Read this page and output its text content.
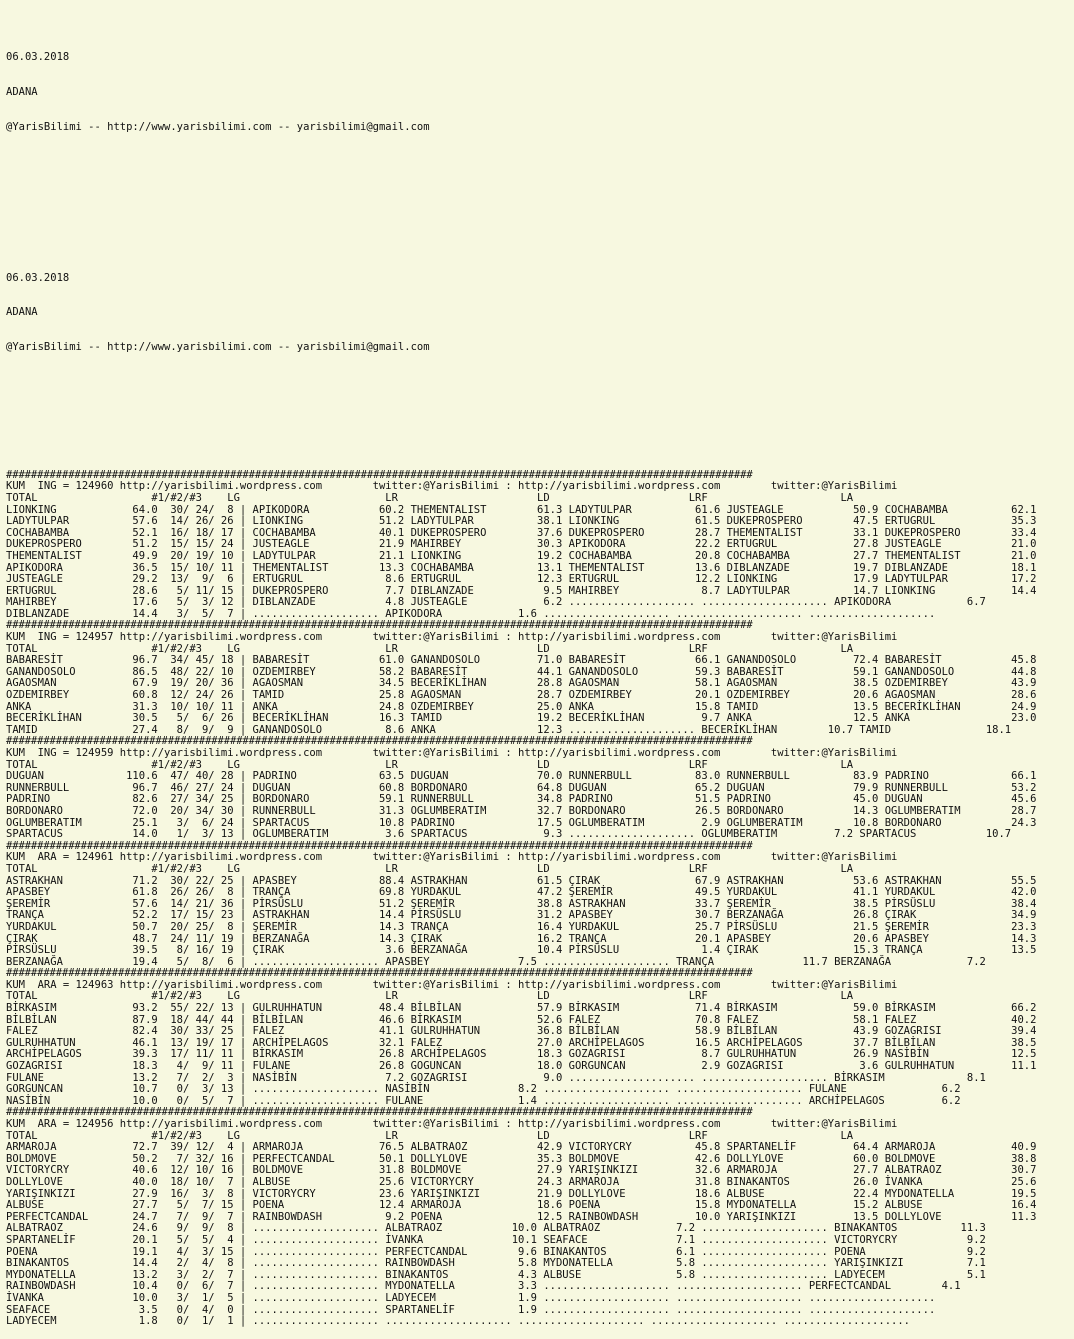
06.03.2018

ADANA

@YarisBilimi -- http://www.yarisbilimi.com -- yarisbilimi@gmail.com

06.03.2018

ADANA

@YarisBilimi -- http://www.yarisbilimi.com -- yarisbilimi@gmail.com

########################################################################################################################
KUM  ING = 124960 http://yarisbilimi.wordpress.com        twitter:@YarisBilimi : http://yarisbilimi.wordpress.com        twitter:@YarisBilimi
TOTAL                  #1/#2/#3    LG                       LR                      LD                      LRF                     LA
LIONKING            64.0  30/ 24/  8 | APIKODORA           60.2 THEMENTALIST        61.3 LADYTULPAR          61.6 JUSTEAGLE           50.9 COCHABAMBA          62.1
LADYTULPAR          57.6  14/ 26/ 26 | LIONKING            51.2 LADYTULPAR          38.1 LIONKING            61.5 DUKEPROSPERO        47.5 ERTUGRUL            35.3
COCHABAMBA          52.1  16/ 18/ 17 | COCHABAMBA          40.1 DUKEPROSPERO        37.6 DUKEPROSPERO        28.7 THEMENTALIST        33.1 DUKEPROSPERO        33.4
DUKEPROSPERO        51.2  15/ 15/ 24 | JUSTEAGLE           21.9 MAHIRBEY            30.3 APIKODORA           22.2 ERTUGRUL            27.8 JUSTEAGLE           21.0
THEMENTALIST        49.9  20/ 19/ 10 | LADYTULPAR          21.1 LIONKING            19.2 COCHABAMBA          20.8 COCHABAMBA          27.7 THEMENTALIST        21.0
APIKODORA           36.5  15/ 10/ 11 | THEMENTALIST        13.3 COCHABAMBA          13.1 THEMENTALIST        13.6 DIBLANZADE          19.7 DIBLANZADE          18.1
JUSTEAGLE           29.2  13/  9/  6 | ERTUGRUL             8.6 ERTUGRUL            12.3 ERTUGRUL            12.2 LIONKING            17.9 LADYTULPAR          17.2
ERTUGRUL            28.6   5/ 11/ 15 | DUKEPROSPERO         7.7 DIBLANZADE           9.5 MAHIRBEY             8.7 LADYTULPAR          14.7 LIONKING            14.4
MAHIRBEY            17.6   5/  3/ 12 | DIBLANZADE           4.8 JUSTEAGLE            6.2 .................... .................... APIKODORA            6.7
DIBLANZADE          14.4   3/  5/  7 | .................... APIKODORA            1.6 .................... .................... ....................
########################################################################################################################
KUM  ING = 124957 http://yarisbilimi.wordpress.com        twitter:@YarisBilimi : http://yarisbilimi.wordpress.com        twitter:@YarisBilimi
TOTAL                  #1/#2/#3    LG                       LR                      LD                      LRF                     LA
BABARESİT           96.7  34/ 45/ 18 | BABARESİT           61.0 GANANDOSOLO         71.0 BABARESİT           66.1 GANANDOSOLO         72.4 BABARESİT           45.8
GANANDOSOLO         86.5  48/ 22/ 10 | OZDEMIRBEY          58.2 BABARESİT           44.1 GANANDOSOLO         59.3 BABARESİT           59.1 GANANDOSOLO         44.8
AGAOSMAN            67.9  19/ 20/ 36 | AGAOSMAN            34.5 BECERİKLİHAN        28.8 AGAOSMAN            58.1 AGAOSMAN            38.5 OZDEMIRBEY          43.9
OZDEMIRBEY          60.8  12/ 24/ 26 | TAMID               25.8 AGAOSMAN            28.7 OZDEMIRBEY          20.1 OZDEMIRBEY          20.6 AGAOSMAN            28.6
ANKA                31.3  10/ 10/ 11 | ANKA                24.8 OZDEMIRBEY          25.0 ANKA                15.8 TAMID               13.5 BECERİKLİHAN        24.9
BECERİKLİHAN        30.5   5/  6/ 26 | BECERİKLİHAN        16.3 TAMID               19.2 BECERİKLİHAN         9.7 ANKA                12.5 ANKA                23.0
TAMID               27.4   8/  9/  9 | GANANDOSOLO          8.6 ANKA                12.3 .................... BECERİKLİHAN        10.7 TAMID               18.1
########################################################################################################################
KUM  ING = 124959 http://yarisbilimi.wordpress.com        twitter:@YarisBilimi : http://yarisbilimi.wordpress.com        twitter:@YarisBilimi
TOTAL                  #1/#2/#3    LG                       LR                      LD                      LRF                     LA
DUGUAN             110.6  47/ 40/ 28 | PADRINO             63.5 DUGUAN              70.0 RUNNERBULL          83.0 RUNNERBULL          83.9 PADRINO             66.1
RUNNERBULL          96.7  46/ 27/ 24 | DUGUAN              60.8 BORDONARO           64.8 DUGUAN              65.2 DUGUAN              79.9 RUNNERBULL          53.2
PADRINO             82.6  27/ 34/ 25 | BORDONARO           59.1 RUNNERBULL          34.8 PADRINO             51.5 PADRINO             45.0 DUGUAN              45.6
BORDONARO           72.0  20/ 34/ 30 | RUNNERBULL          31.3 OGLUMBERATIM        32.7 BORDONARO           26.5 BORDONARO           14.3 OGLUMBERATIM        28.7
OGLUMBERATIM        25.1   3/  6/ 24 | SPARTACUS           10.8 PADRINO             17.5 OGLUMBERATIM         2.9 OGLUMBERATIM        10.8 BORDONARO           24.3
SPARTACUS           14.0   1/  3/ 13 | OGLUMBERATIM         3.6 SPARTACUS            9.3 .................... OGLUMBERATIM         7.2 SPARTACUS           10.7
########################################################################################################################
KUM  ARA = 124961 http://yarisbilimi.wordpress.com        twitter:@YarisBilimi : http://yarisbilimi.wordpress.com        twitter:@YarisBilimi
TOTAL                  #1/#2/#3    LG                       LR                      LD                      LRF                     LA
ASTRAKHAN           71.2  30/ 22/ 25 | APASBEY             88.4 ASTRAKHAN           61.5 ÇIRAK               67.9 ASTRAKHAN           53.6 ASTRAKHAN           55.5
APASBEY             61.8  26/ 26/  8 | TRANÇA              69.8 YURDAKUL            47.2 ŞEREMİR             49.5 YURDAKUL            41.1 YURDAKUL            42.0
ŞEREMİR             57.6  14/ 21/ 36 | PİRSÜSLU            51.2 ŞEREMİR             38.8 ASTRAKHAN           33.7 ŞEREMİR             38.5 PİRSÜSLU            38.4
TRANÇA              52.2  17/ 15/ 23 | ASTRAKHAN           14.4 PİRSÜSLU            31.2 APASBEY             30.7 BERZANAĞA           26.8 ÇIRAK               34.9
YURDAKUL            50.7  20/ 25/  8 | ŞEREMİR             14.3 TRANÇA              16.4 YURDAKUL            25.7 PİRSÜSLU            21.5 ŞEREMİR             23.3
ÇIRAK               48.7  24/ 11/ 19 | BERZANAĞA           14.3 ÇIRAK               16.2 TRANÇA              20.1 APASBEY             20.6 APASBEY             14.3
PİRSÜSLU            39.5   8/ 16/ 19 | ÇIRAK                3.6 BERZANAĞA           10.4 PİRSÜSLU             1.4 ÇIRAK               15.3 TRANÇA              13.5
BERZANAĞA           19.4   5/  8/  6 | .................... APASBEY              7.5 .................... TRANÇA              11.7 BERZANAĞA            7.2
########################################################################################################################
KUM  ARA = 124963 http://yarisbilimi.wordpress.com        twitter:@YarisBilimi : http://yarisbilimi.wordpress.com        twitter:@YarisBilimi
TOTAL                  #1/#2/#3    LG                       LR                      LD                      LRF                     LA
BİRKASIM            93.2  55/ 22/ 13 | GULRUHHATUN         48.4 BİLBİLAN            57.9 BİRKASIM            71.4 BİRKASIM            59.0 BİRKASIM            66.2
BİLBİLAN            87.9  18/ 44/ 44 | BİLBİLAN            46.6 BİRKASIM            52.6 FALEZ               70.8 FALEZ               58.1 FALEZ               40.2
FALEZ               82.4  30/ 33/ 25 | FALEZ               41.1 GULRUHHATUN         36.8 BİLBİLAN            58.9 BİLBİLAN            43.9 GOZAGRISI           39.4
GULRUHHATUN         46.1  13/ 19/ 17 | ARCHİPELAGOS        32.1 FALEZ               27.0 ARCHİPELAGOS        16.5 ARCHİPELAGOS        37.7 BİLBİLAN            38.5
ARCHİPELAGOS        39.3  17/ 11/ 11 | BİRKASIM            26.8 ARCHİPELAGOS        18.3 GOZAGRISI            8.7 GULRUHHATUN         26.9 NASİBİN             12.5
GOZAGRISI           18.3   4/  9/ 11 | FULANE              26.8 GOGUNCAN            18.0 GORGUNCAN            2.9 GOZAGRISI            3.6 GULRUHHATUN         11.1
FULANE              13.2   7/  2/  3 | NASİBİN              7.2 GOZAGRISI            9.0 .................... .................... BİRKASIM             8.1
GORGUNCAN           10.7   0/  3/ 13 | .................... NASİBİN              8.2 .................... .................... FULANE               6.2
NASİBİN             10.0   0/  5/  7 | .................... FULANE               1.4 .................... .................... ARCHİPELAGOS         6.2
########################################################################################################################
KUM  ARA = 124956 http://yarisbilimi.wordpress.com        twitter:@YarisBilimi : http://yarisbilimi.wordpress.com        twitter:@YarisBilimi
TOTAL                  #1/#2/#3    LG                       LR                      LD                      LRF                     LA
ARMAROJA            72.7  39/ 12/  4 | ARMAROJA            76.5 ALBATRAOZ           42.9 VICTORYCRY          45.8 SPARTANELİF         64.4 ARMAROJA            40.9
BOLDMOVE            50.2   7/ 32/ 16 | PERFECTCANDAL       50.1 DOLLYLOVE           35.3 BOLDMOVE            42.6 DOLLYLOVE           60.0 BOLDMOVE            38.8
VICTORYCRY          40.6  12/ 10/ 16 | BOLDMOVE            31.8 BOLDMOVE            27.9 YARIŞINKIZI         32.6 ARMAROJA            27.7 ALBATRAOZ           30.7
DOLLYLOVE           40.0  18/ 10/  7 | ALBUSE              25.6 VICTORYCRY          24.3 ARMAROJA            31.8 BINAKANTOS          26.0 İVANKA              25.6
YARIŞINKIZI         27.9  16/  3/  8 | VICTORYCRY          23.6 YARIŞINKIZI         21.9 DOLLYLOVE           18.6 ALBUSE              22.4 MYDONATELLA         19.5
ALBUSE              27.7   5/  7/ 15 | POENA               12.4 ARMAROJA            18.6 POENA               15.8 MYDONATELLA         15.2 ALBUSE              16.4
PERFECTCANDAL       24.7   7/  9/  7 | RAINBOWDASH          9.2 POENA               12.5 RAINBOWDASH         10.0 YARIŞINKIZI         13.5 DOLLYLOVE           11.3
ALBATRAOZ           24.6   9/  9/  8 | .................... ALBATRAOZ           10.0 ALBATRAOZ            7.2 .................... BINAKANTOS          11.3
SPARTANELİF         20.1   5/  5/  4 | .................... İVANKA              10.1 SEAFACE              7.1 .................... VICTORYCRY           9.2
POENA               19.1   4/  3/ 15 | .................... PERFECTCANDAL        9.6 BINAKANTOS           6.1 .................... POENA                9.2
BINAKANTOS          14.4   2/  4/  8 | .................... RAINBOWDASH          5.8 MYDONATELLA          5.8 .................... YARIŞINKIZI          7.1
MYDONATELLA         13.2   3/  2/  7 | .................... BINAKANTOS           4.3 ALBUSE               5.8 .................... LADYECEM             5.1
RAINBOWDASH         10.4   0/  6/  7 | .................... MYDONATELLA          3.3 .................... .................... PERFECTCANDAL        4.1
İVANKA              10.0   3/  1/  5 | .................... LADYECEM             1.9 .................... .................... ....................
SEAFACE              3.5   0/  4/  0 | .................... SPARTANELİF          1.9 .................... .................... ....................
LADYECEM             1.8   0/  1/  1 | .................... .................... .................... .................... ....................
